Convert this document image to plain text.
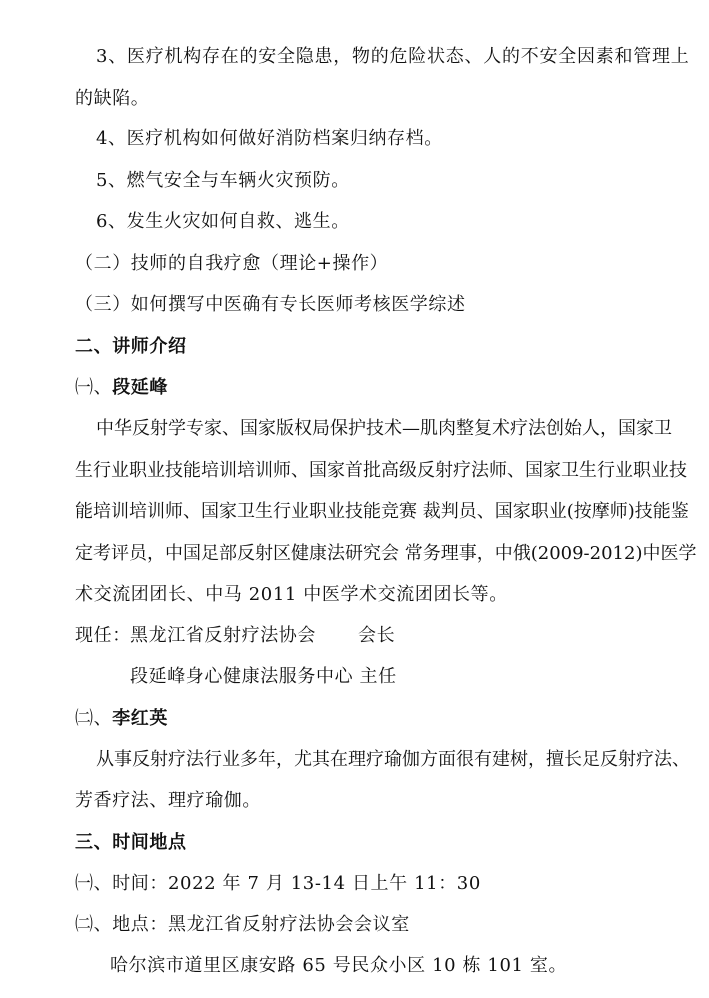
3、医疗机构存在的安全隐患，物的危险状态、人的不安全因素和管理上
的缺陷。
4、医疗机构如何做好消防档案归纳存档。
5、燃气安全与车辆火灾预防。
6、发生火灾如何自救、逃生。
（二）技师的自我疗愈（理论+操作）
（三）如何撰写中医确有专长医师考核医学综述
二、讲师介绍
㈠、段延峰
中华反射学专家、国家版权局保护技术—肌肉整复术疗法创始人，国家卫
生行业职业技能培训培训师、国家首批高级反射疗法师、国家卫生行业职业技
能培训培训师、国家卫生行业职业技能竞赛 裁判员、国家职业(按摩师)技能鉴
定考评员，中国足部反射区健康法研究会 常务理事，中俄(2009-2012)中医学
术交流团团长、中马 2011 中医学术交流团团长等。
现任： 黑龙江省反射疗法协会 会长
段延峰身心健康法服务中心 主任
㈡、李红英
从事反射疗法行业多年，尤其在理疗瑜伽方面很有建树，擅长足反射疗法、
芳香疗法、理疗瑜伽。
三、时间地点
㈠、时间：2022 年 7 月 13-14 日上午 11：30
㈡、地点：黑龙江省反射疗法协会会议室
哈尔滨市道里区康安路 65 号民众小区 10 栋 101 室。
